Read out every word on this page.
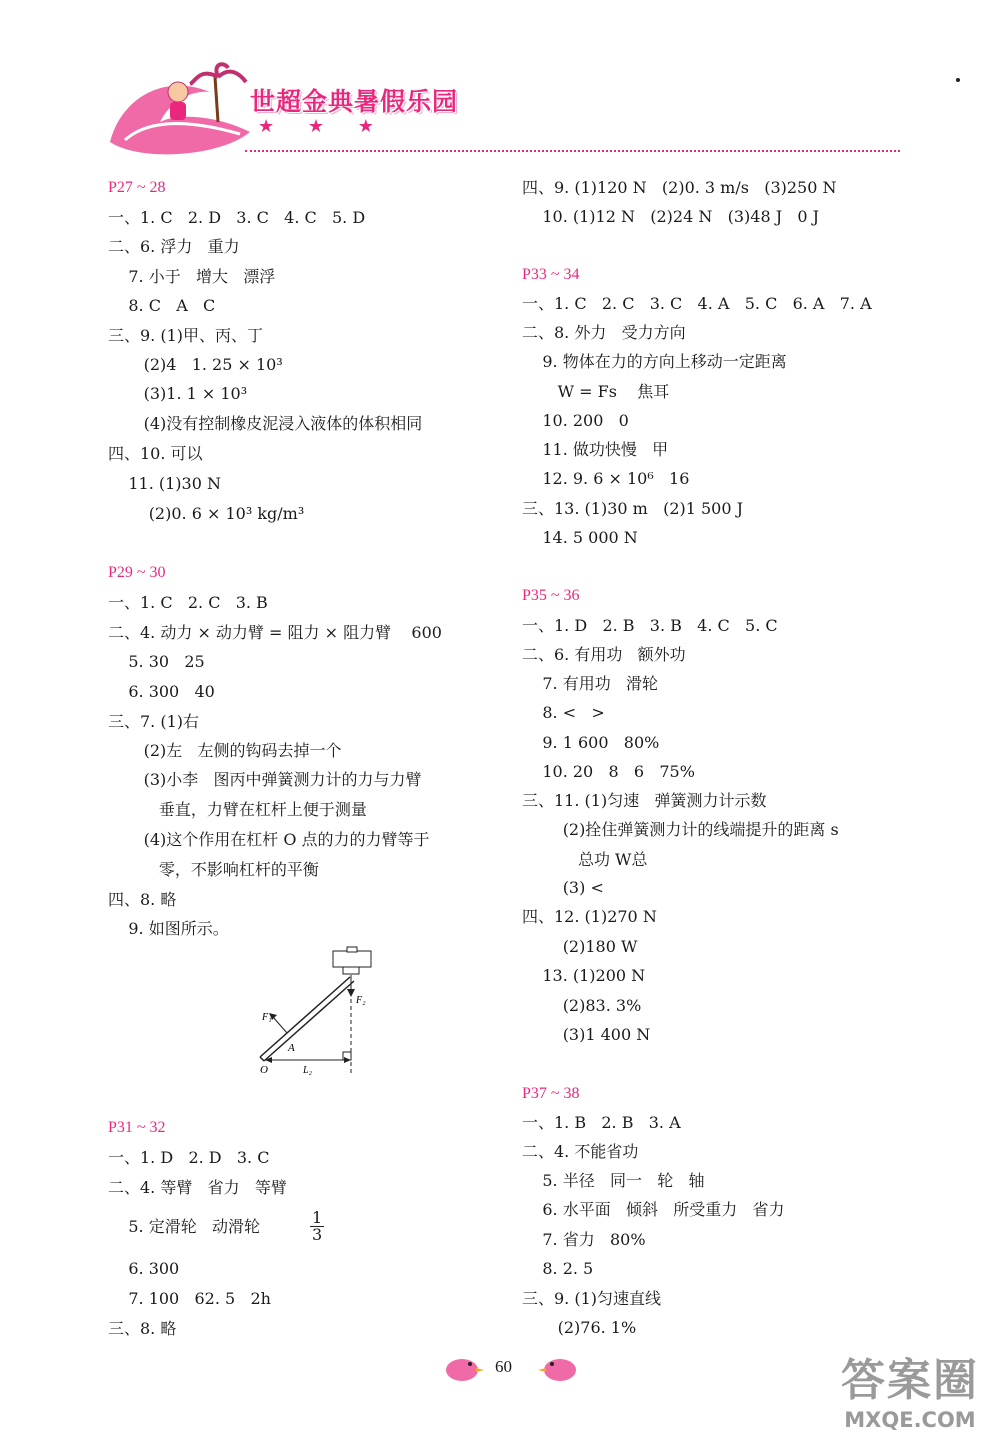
世超金典暑假乐园
★ ★ ★
P27 ~ 28
一、1. C   2. D   3. C   4. C   5. D
二、6. 浮力   重力
7. 小于   增大   漂浮
8. C   A   C
三、9. (1)甲、丙、丁
(2)4   1. 25 × 10³
(3)1. 1 × 10³
(4)没有控制橡皮泥浸入液体的体积相同
四、10. 可以
11. (1)30 N
(2)0. 6 × 10³ kg/m³
P29 ~ 30
一、1. C   2. C   3. B
二、4. 动力 × 动力臂 = 阻力 × 阻力臂    600
5. 30   25
6. 300   40
三、7. (1)右
(2)左   左侧的钩码去掉一个
(3)小李   图丙中弹簧测力计的力与力臂
垂直，力臂在杠杆上便于测量
(4)这个作用在杠杆 O 点的力的力臂等于
零，不影响杠杆的平衡
四、8. 略
9. 如图所示。
P31 ~ 32
一、1. D   2. D   3. C
二、4. 等臂   省力   等臂
5. 定滑轮   动滑轮
6. 300
7. 100   62. 5   2h
三、8. 略
四、9. (1)120 N   (2)0. 3 m/s   (3)250 N
10. (1)12 N   (2)24 N   (3)48 J   0 J
P33 ~ 34
一、1. C   2. C   3. C   4. A   5. C   6. A   7. A
二、8. 外力   受力方向
9. 物体在力的方向上移动一定距离
W = Fs    焦耳
10. 200   0
11. 做功快慢   甲
12. 9. 6 × 10⁶   16
三、13. (1)30 m   (2)1 500 J
14. 5 000 N
P35 ~ 36
一、1. D   2. B   3. B   4. C   5. C
二、6. 有用功   额外功
7. 有用功   滑轮
8. <   >
9. 1 600   80%
10. 20   8   6   75%
三、11. (1)匀速   弹簧测力计示数
(2)拴住弹簧测力计的线端提升的距离 s
总功 W总
(3) <
四、12. (1)270 N
(2)180 W
13. (1)200 N
(2)83. 3%
(3)1 400 N
P37 ~ 38
一、1. B   2. B   3. A
二、4. 不能省功
5. 半径   同一   轮   轴
6. 水平面   倾斜   所受重力   省力
7. 省力   80%
8. 2. 5
三、9. (1)匀速直线
(2)76. 1%
$\frac{1}{3}$
F₁
F₂
A
O	L₂
60	答案圈
MXQE.COM
